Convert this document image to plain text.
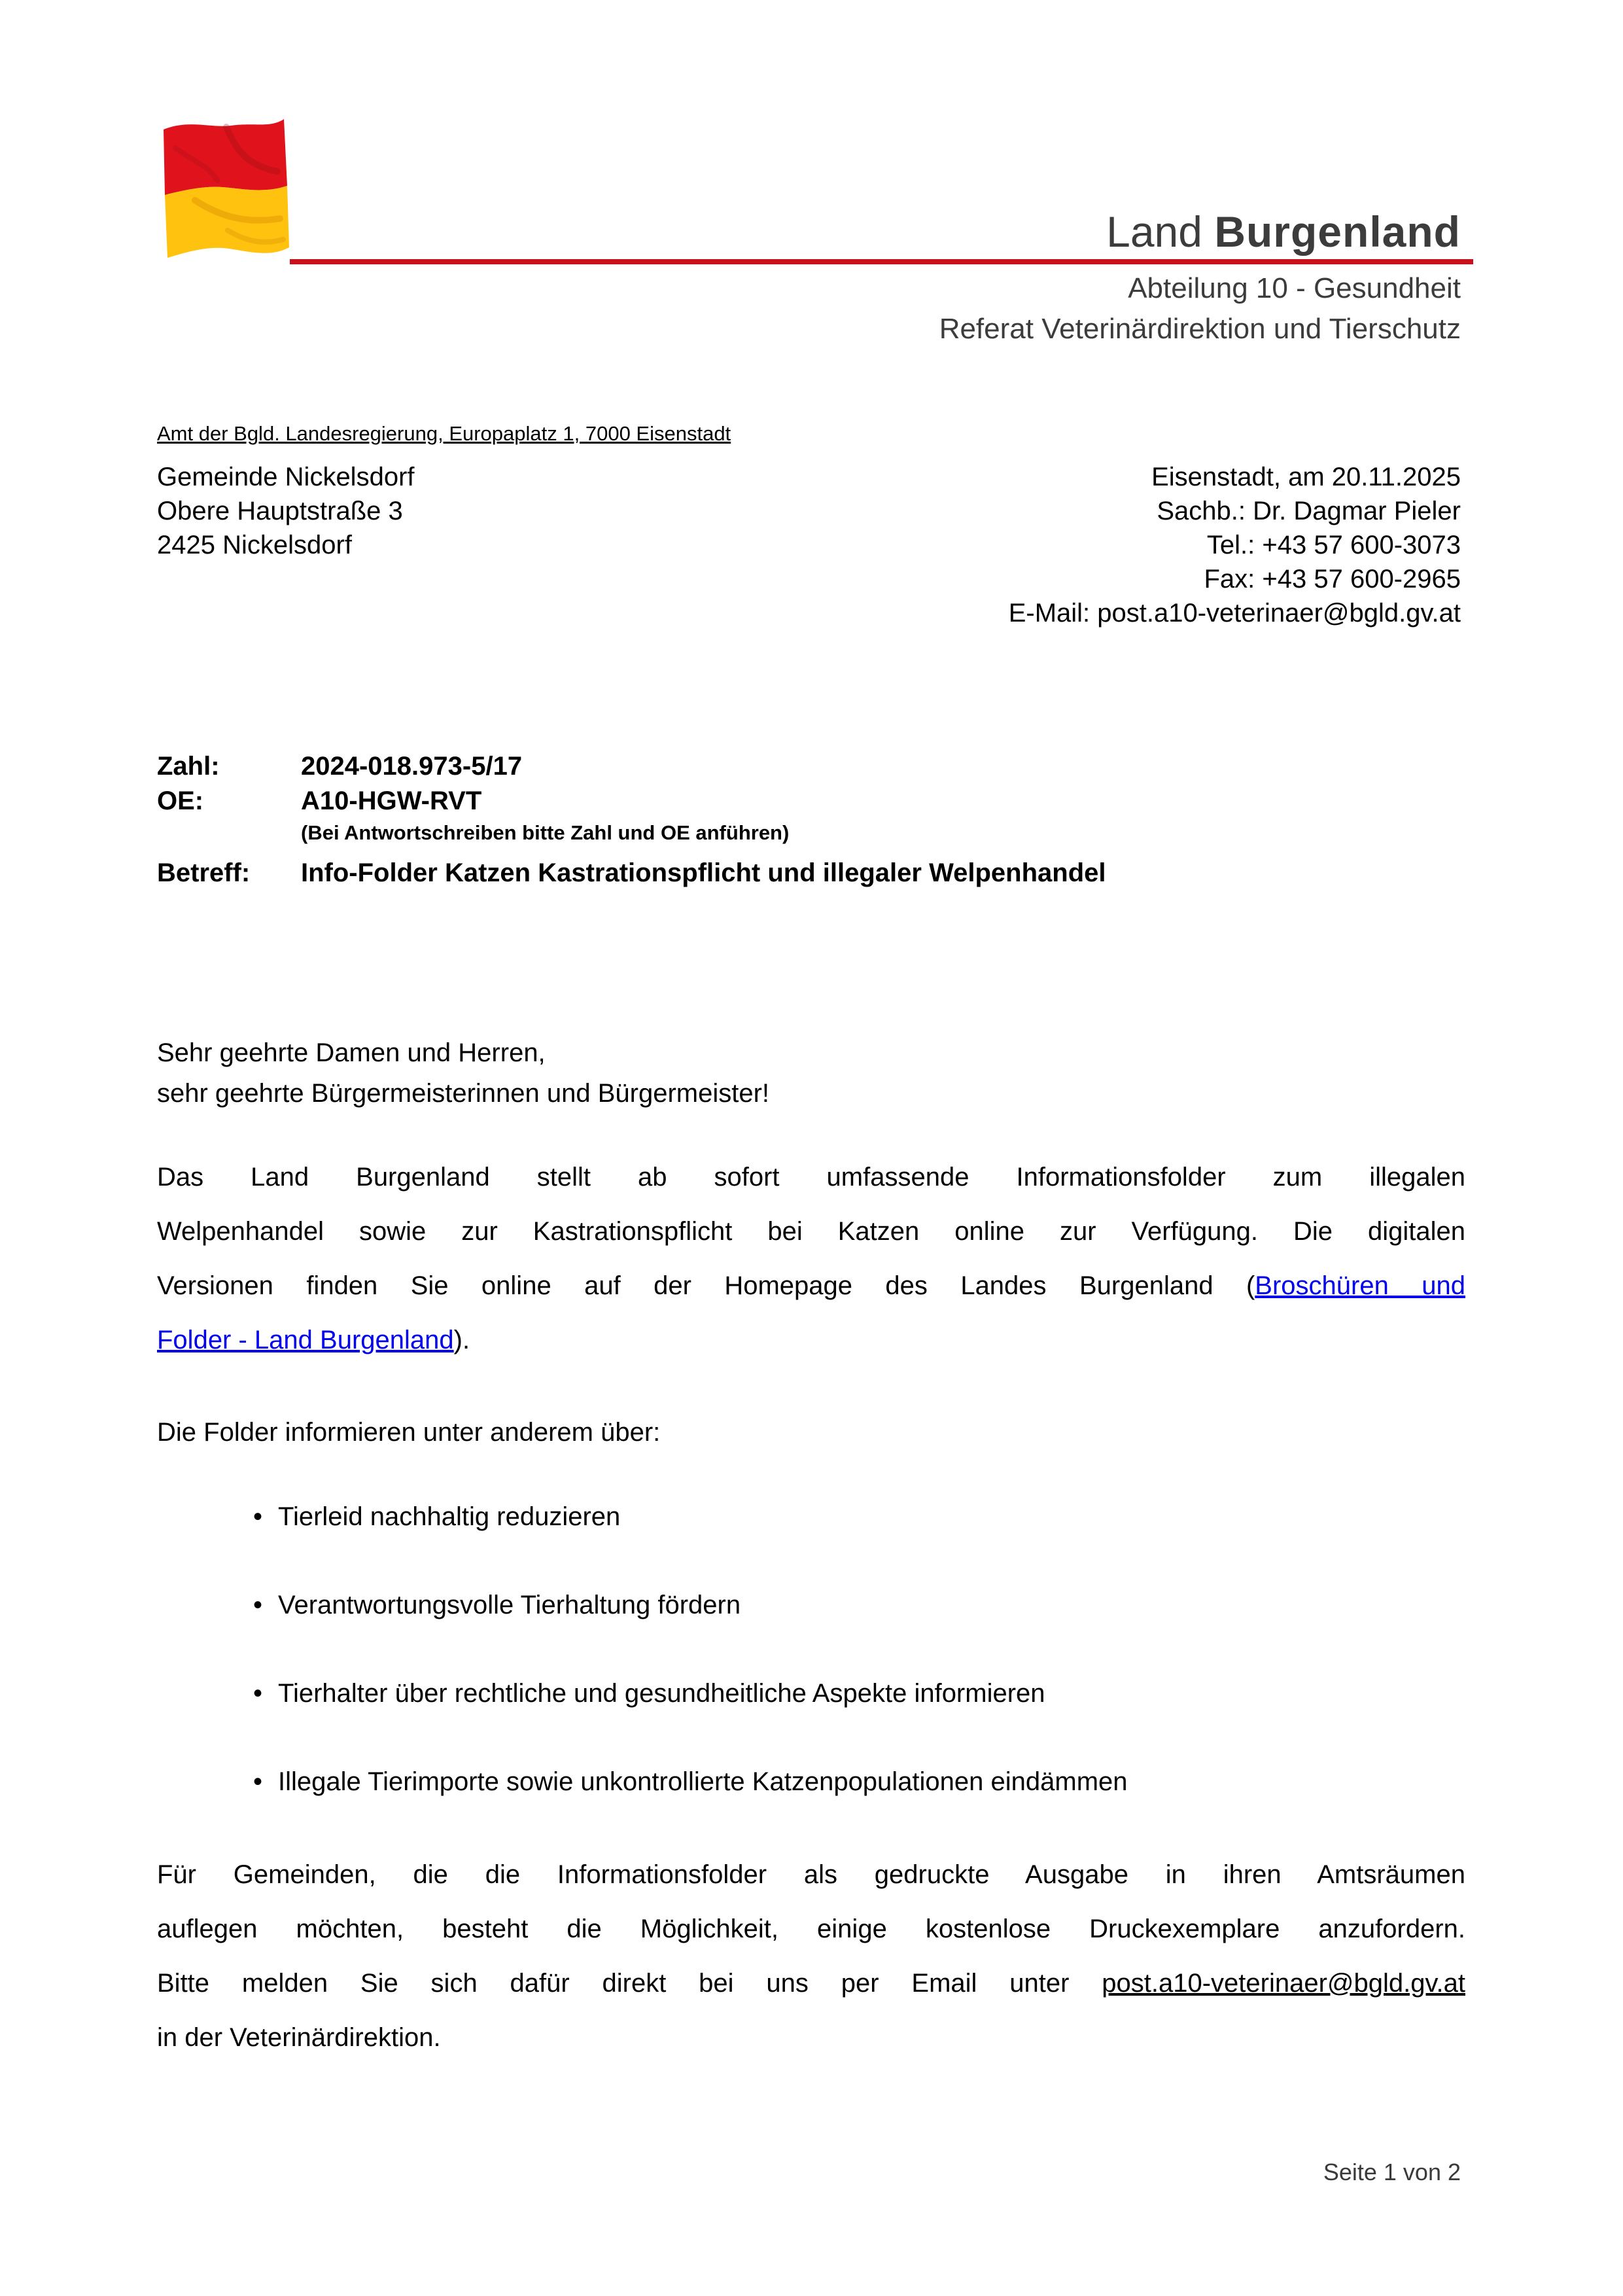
Land Burgenland
Abteilung 10 - Gesundheit
Referat Veterinärdirektion und Tierschutz
Amt der Bgld. Landesregierung, Europaplatz 1, 7000 Eisenstadt
Gemeinde Nickelsdorf
Obere Hauptstraße 3
2425 Nickelsdorf
Eisenstadt, am 20.11.2025
Sachb.: Dr. Dagmar Pieler
Tel.: +43 57 600-3073
Fax: +43 57 600-2965
E-Mail: post.a10-veterinaer@bgld.gv.at
Zahl:	2024-018.973-5/17
OE:	A10-HGW-RVT
(Bei Antwortschreiben bitte Zahl und OE anführen)
Betreff:	Info-Folder Katzen Kastrationspflicht und illegaler Welpenhandel
Sehr geehrte Damen und Herren,
sehr geehrte Bürgermeisterinnen und Bürgermeister!
Das Land Burgenland stellt ab sofort umfassende Informationsfolder zum illegalen
Welpenhandel sowie zur Kastrationspflicht bei Katzen online zur Verfügung. Die digitalen
Versionen finden Sie online auf der Homepage des Landes Burgenland (Broschüren und
Folder - Land Burgenland).
Die Folder informieren unter anderem über:
• Tierleid nachhaltig reduzieren
• Verantwortungsvolle Tierhaltung fördern
• Tierhalter über rechtliche und gesundheitliche Aspekte informieren
• Illegale Tierimporte sowie unkontrollierte Katzenpopulationen eindämmen
Für Gemeinden, die die Informationsfolder als gedruckte Ausgabe in ihren Amtsräumen
auflegen möchten, besteht die Möglichkeit, einige kostenlose Druckexemplare anzufordern.
Bitte melden Sie sich dafür direkt bei uns per Email unter post.a10-veterinaer@bgld.gv.at
in der Veterinärdirektion.
Seite 1 von 2
